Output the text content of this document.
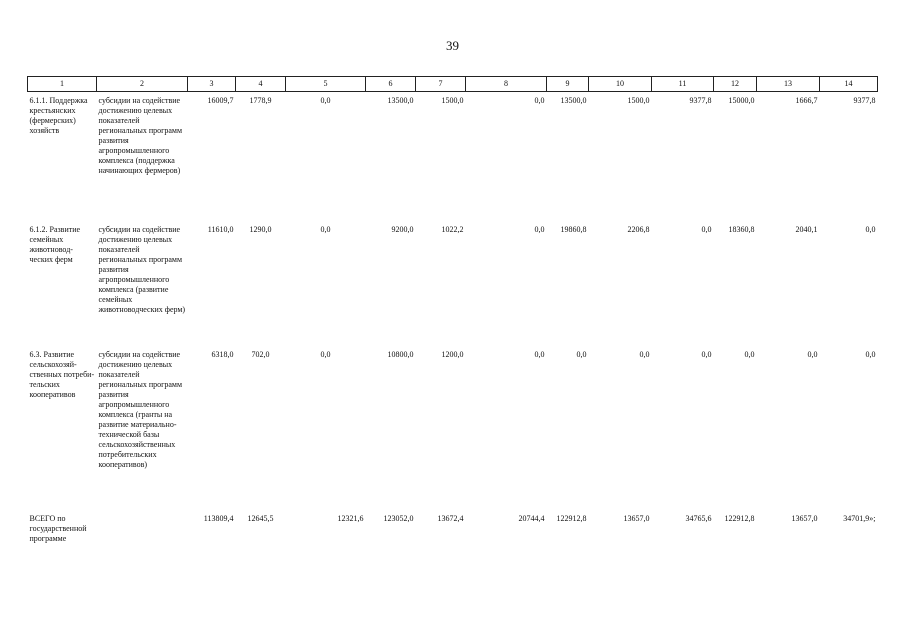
39
1	2	3	4	5	6	7	8	9	10	11	12	13	14
6.1.1. Поддержка крестьянских (фермерских) хозяйств	субсидии на содействие достижению целевых показателей региональных программ развития агропромышленного комплекса (поддержка начинающих фермеров)	16009,7	1778,9	0,0	13500,0	1500,0	0,0	13500,0	1500,0	9377,8	15000,0	1666,7	9377,8
6.1.2. Развитие семейных животновод-ческих ферм	субсидии на содействие достижению целевых показателей региональных программ развития агропромышленного комплекса (развитие семейных животноводческих ферм)	11610,0	1290,0	0,0	9200,0	1022,2	0,0	19860,8	2206,8	0,0	18360,8	2040,1	0,0
6.3. Развитие сельскохозяй-ственных потреби-тельских кооперативов	субсидии на содействие достижению целевых показателей региональных программ развития агропромышленного комплекса (гранты на развитие материально-технической базы сельскохозяйственных потребительских кооперативов)	6318,0	702,0	0,0	10800,0	1200,0	0,0	0,0	0,0	0,0	0,0	0,0	0,0
ВСЕГО по государственной программе		113809,4	12645,5	12321,6	123052,0	13672,4	20744,4	122912,8	13657,0	34765,6	122912,8	13657,0	34701,9»;
